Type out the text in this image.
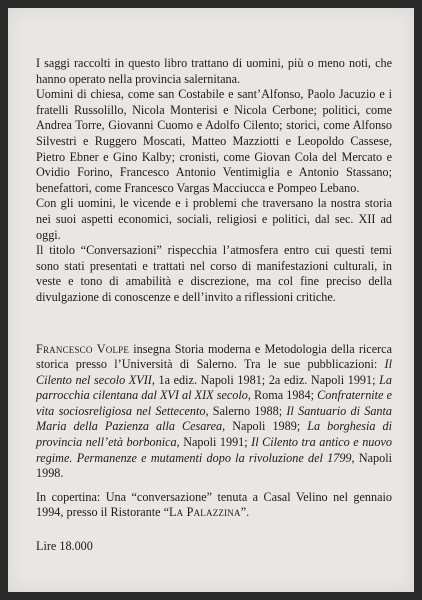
I saggi raccolti in questo libro trattano di uomini, più o meno noti, che hanno operato nella provincia salernitana.

Uomini di chiesa, come san Costabile e sant’Alfonso, Paolo Jacuzio e i fratelli Russolillo, Nicola Monterisi e Nicola Cerbone; politici, come Andrea Torre, Giovanni Cuomo e Adolfo Cilento; storici, come Alfonso Silvestri e Ruggero Moscati, Matteo Mazziotti e Leopoldo Cassese, Pietro Ebner e Gino Kalby; cronisti, come Giovan Cola del Mercato e Ovidio Forino, Francesco Antonio Ventimiglia e Antonio Stassano; benefattori, come Francesco Vargas Macciucca e Pompeo Lebano.

Con gli uomini, le vicende e i problemi che traversano la nostra storia nei suoi aspetti economici, sociali, religiosi e politici, dal sec. XII ad oggi.

Il titolo “Conversazioni” rispecchia l’atmosfera entro cui questi temi sono stati presentati e trattati nel corso di manifestazioni culturali, in veste e tono di amabilità e discrezione, ma col fine preciso della divulgazione di conoscenze e dell’invito a riflessioni critiche.

Francesco Volpe insegna Storia moderna e Metodologia della ricerca storica presso l’Università di Salerno. Tra le sue pubblicazioni: Il Cilento nel secolo XVII, 1a ediz. Napoli 1981; 2a ediz. Napoli 1991; La parrocchia cilentana dal XVI al XIX secolo, Roma 1984; Confraternite e vita sociosreligiosa nel Settecento, Salerno 1988; Il Santuario di Santa Maria della Pazienza alla Cesarea, Napoli 1989; La borghesia di provincia nell’età borbonica, Napoli 1991; Il Cilento tra antico e nuovo regime. Permanenze e mutamenti dopo la rivoluzione del 1799, Napoli 1998.

In copertina: Una “conversazione” tenuta a Casal Velino nel gennaio 1994, presso il Ristorante “La Palazzina”.

Lire 18.000
